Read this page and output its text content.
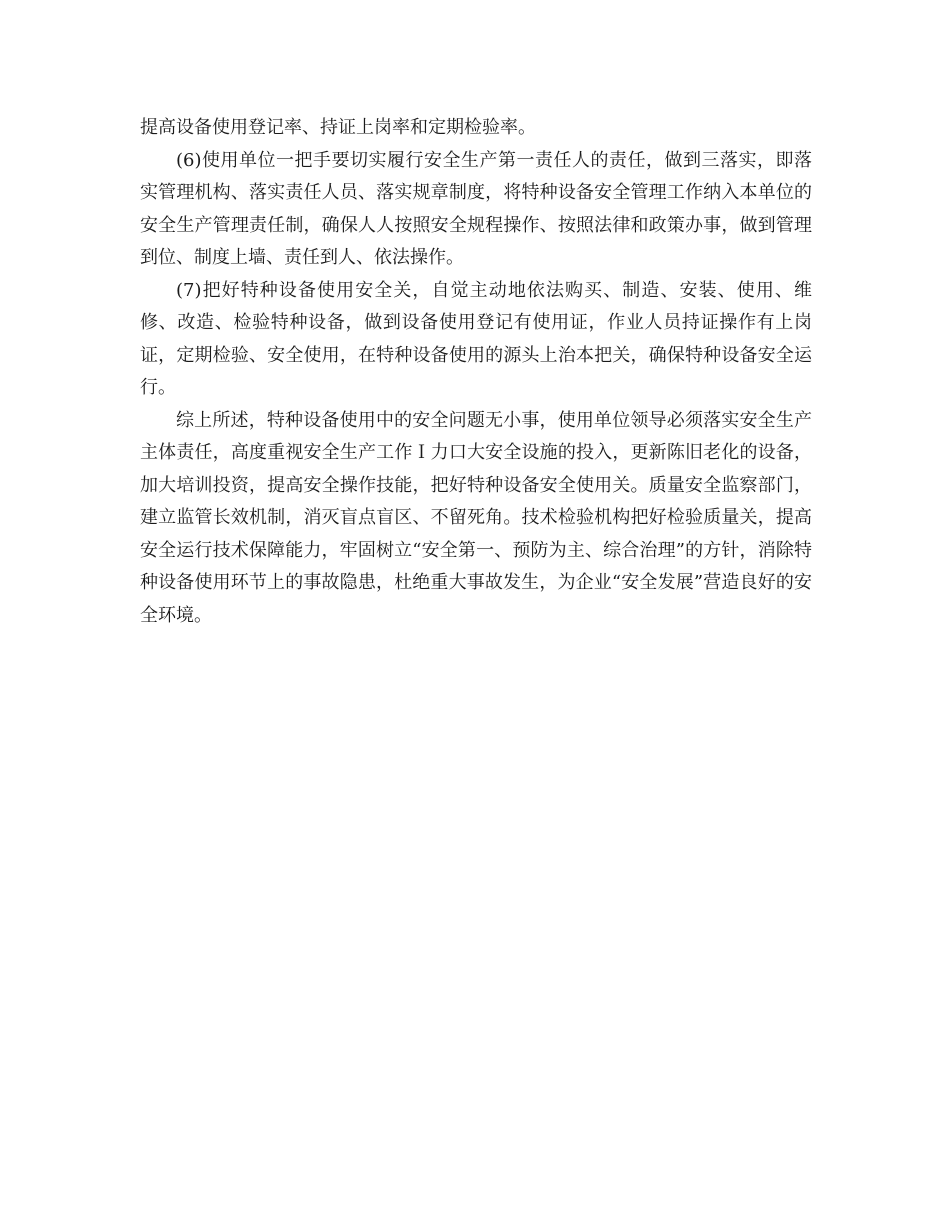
提高设备使用登记率、持证上岗率和定期检验率。

(6)使用单位一把手要切实履行安全生产第一责任人的责任，做到三落实，即落实管理机构、落实责任人员、落实规章制度，将特种设备安全管理工作纳入本单位的安全生产管理责任制，确保人人按照安全规程操作、按照法律和政策办事，做到管理到位、制度上墙、责任到人、依法操作。

(7)把好特种设备使用安全关，自觉主动地依法购买、制造、安装、使用、维修、改造、检验特种设备，做到设备使用登记有使用证，作业人员持证操作有上岗证，定期检验、安全使用，在特种设备使用的源头上治本把关，确保特种设备安全运行。

综上所述，特种设备使用中的安全问题无小事，使用单位领导必须落实安全生产主体责任，高度重视安全生产工作Ｉ力口大安全设施的投入，更新陈旧老化的设备，加大培训投资，提高安全操作技能，把好特种设备安全使用关。质量安全监察部门，建立监管长效机制，消灭盲点盲区、不留死角。技术检验机构把好检验质量关，提高安全运行技术保障能力，牢固树立“安全第一、预防为主、综合治理”的方针，消除特种设备使用环节上的事故隐患，杜绝重大事故发生，为企业“安全发展”营造良好的安全环境。
